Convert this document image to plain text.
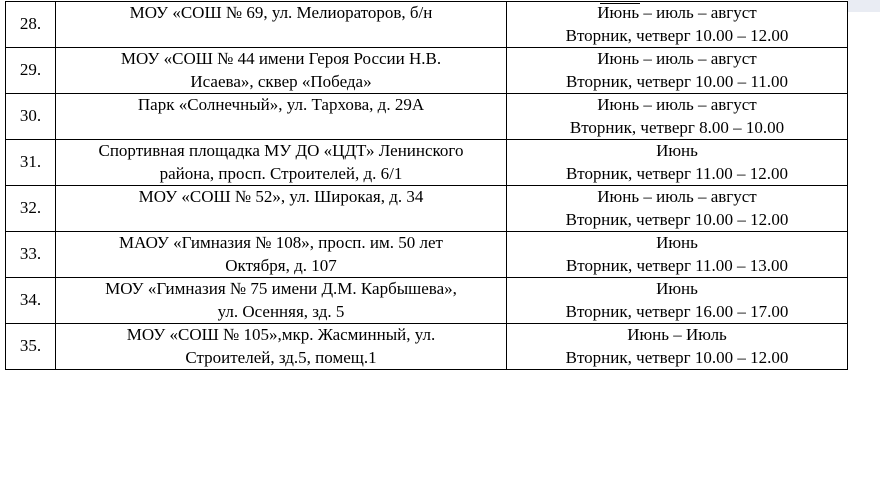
28.	МОУ «СОШ № 69, ул. Мелиораторов, б/н	Июнь – июль – август
Вторник, четверг 10.00 – 12.00

29.	МОУ «СОШ № 44 имени Героя России Н.В.
Исаева», сквер «Победа»	Июнь – июль – август
Вторник, четверг 10.00 – 11.00

30.	Парк «Солнечный», ул. Тархова, д. 29А	Июнь – июль – август
Вторник, четверг 8.00 – 10.00

31.	Спортивная площадка МУ ДО «ЦДТ» Ленинского
района, просп. Строителей, д. 6/1	Июнь
Вторник, четверг 11.00 – 12.00

32.	МОУ «СОШ № 52», ул. Широкая, д. 34	Июнь – июль – август
Вторник, четверг 10.00 – 12.00

33.	МАОУ «Гимназия № 108», просп. им. 50 лет
Октября, д. 107	Июнь
Вторник, четверг 11.00 – 13.00

34.	МОУ «Гимназия № 75 имени Д.М. Карбышева»,
ул. Осенняя, зд. 5	Июнь
Вторник, четверг 16.00 – 17.00

35.	МОУ «СОШ № 105»,мкр. Жасминный, ул.
Строителей, зд.5, помещ.1	Июнь – Июль
Вторник, четверг 10.00 – 12.00
